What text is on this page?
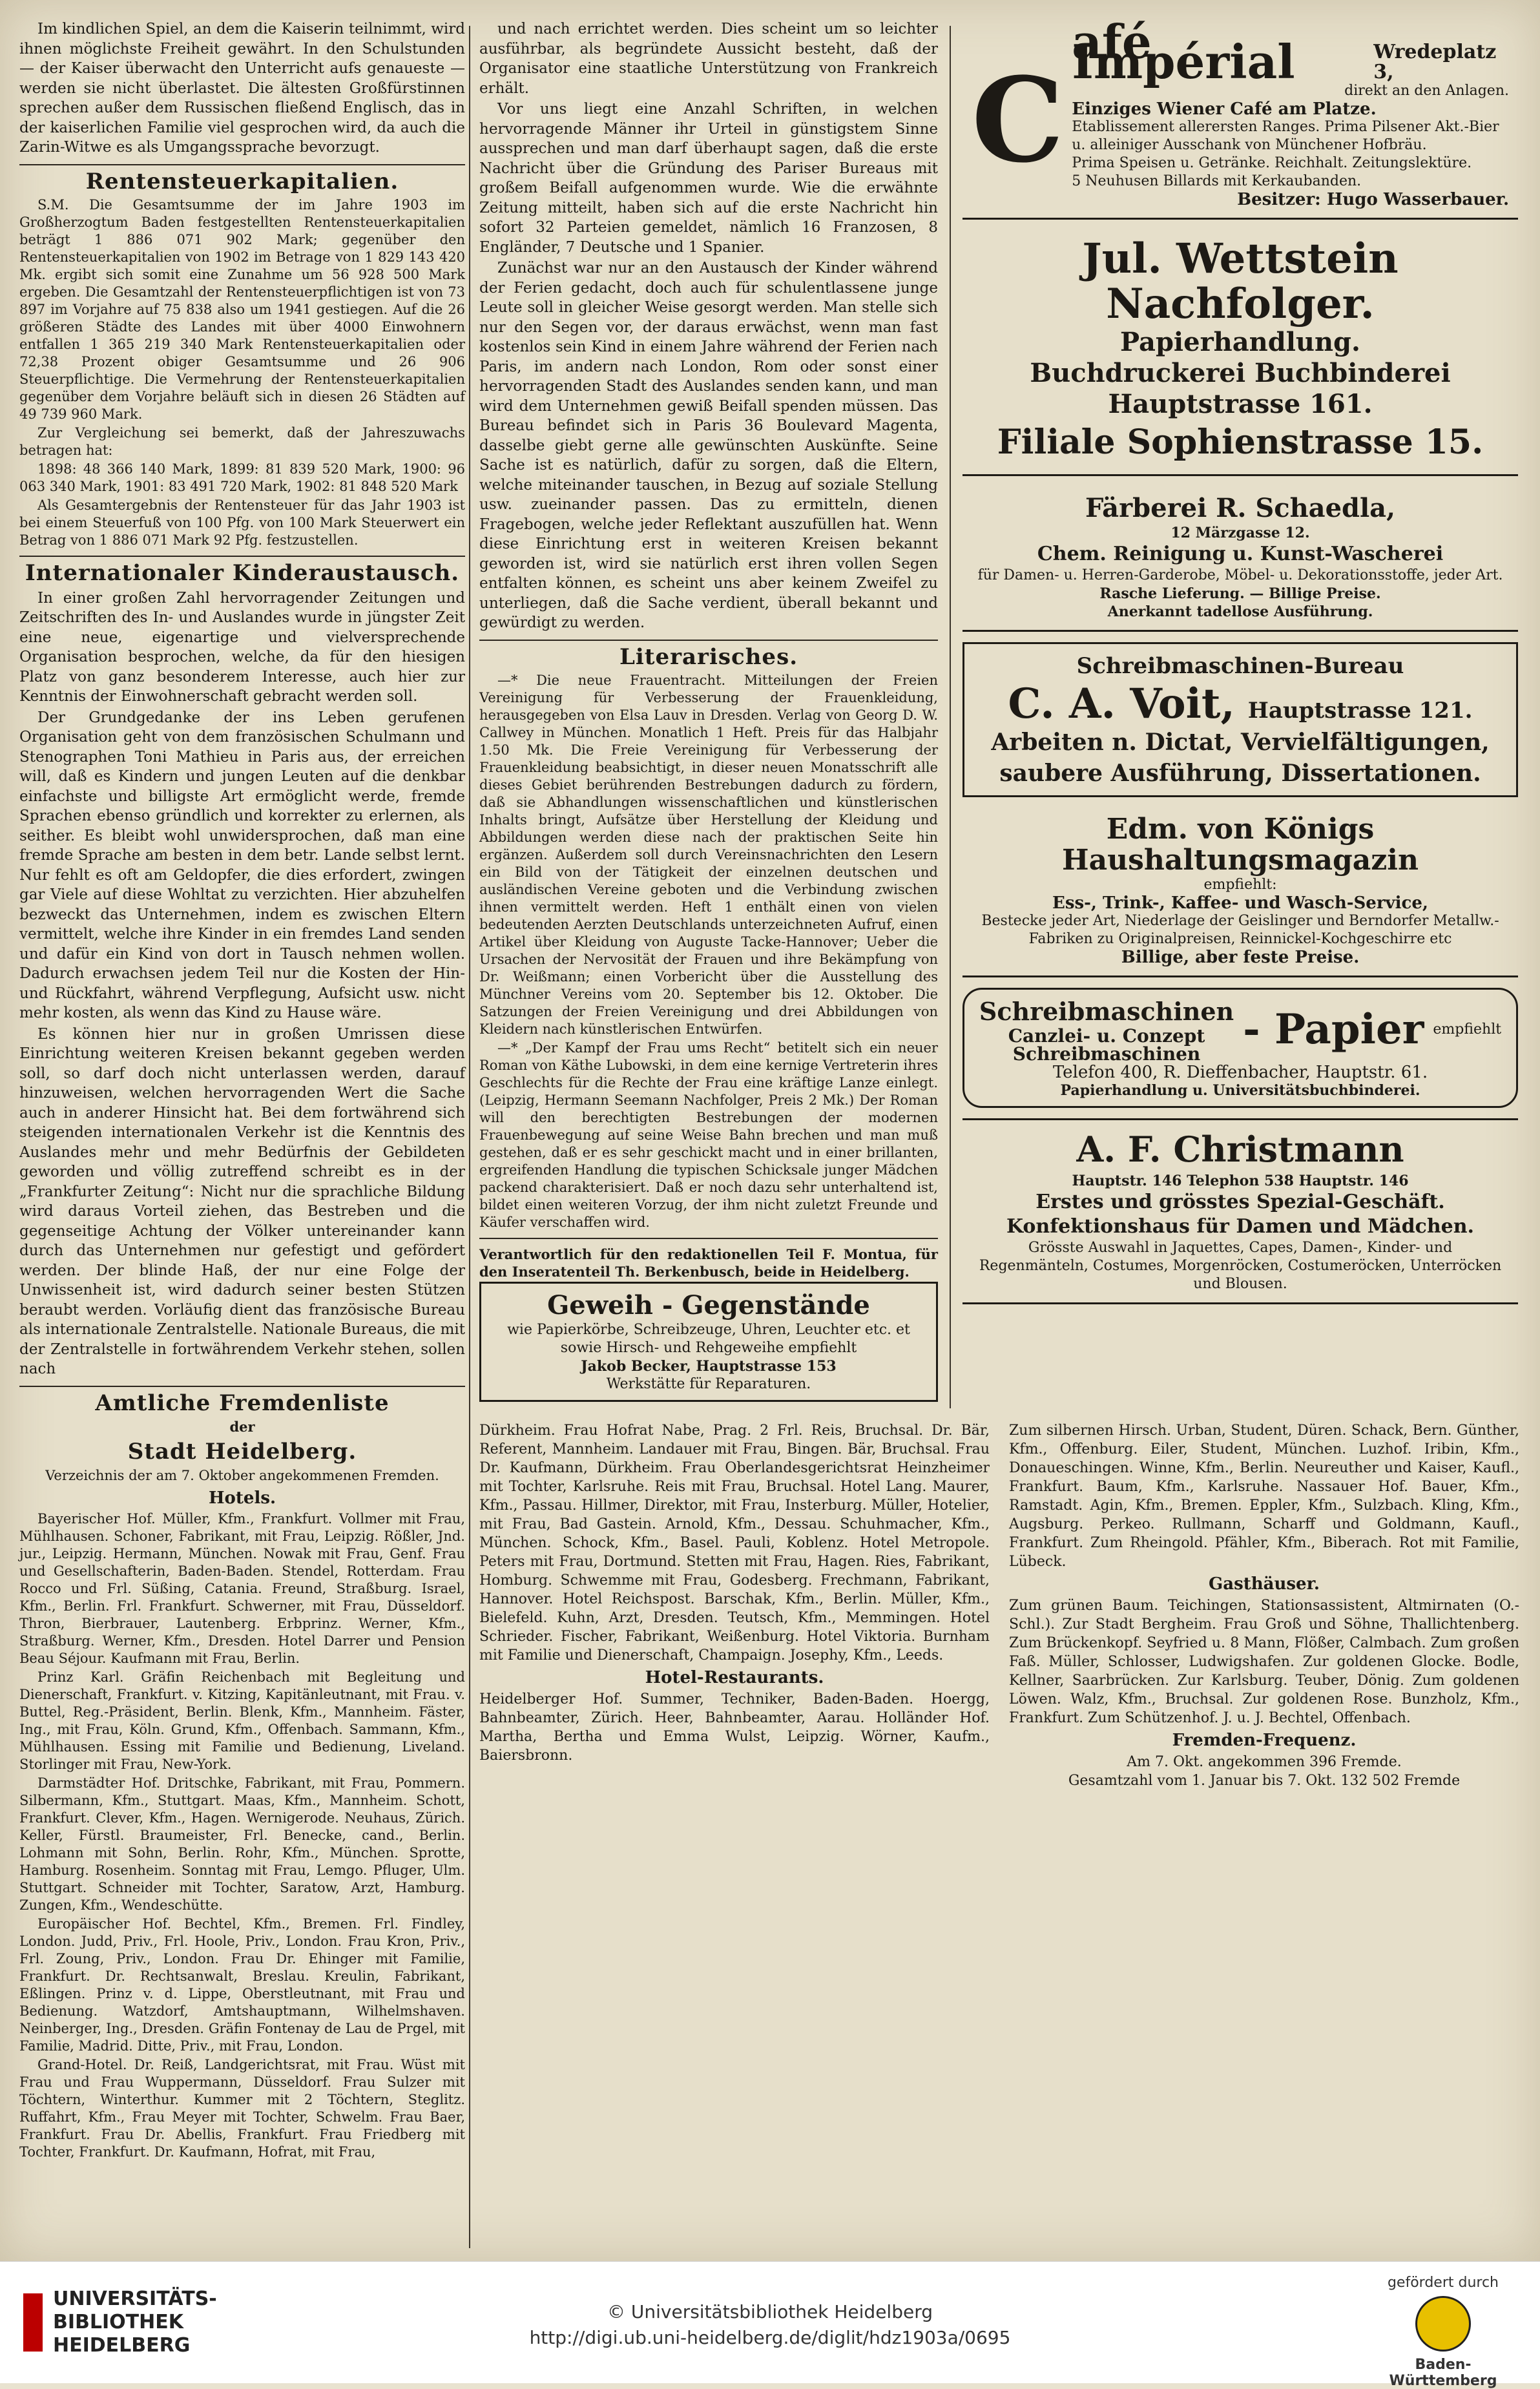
Im kindlichen Spiel, an dem die Kaiserin teilnimmt, wird ihnen möglichste Freiheit gewährt. In den Schulstunden — der Kaiser überwacht den Unterricht aufs genaueste — werden sie nicht überlastet. Die ältesten Großfürstinnen sprechen außer dem Russischen fließend Englisch, das in der kaiserlichen Familie viel gesprochen wird, da auch die Zarin-Witwe es als Umgangssprache bevorzugt.

Rentensteuerkapitalien.

S.M. Die Gesamtsumme der im Jahre 1903 im Großherzogtum Baden festgestellten Rentensteuerkapitalien beträgt 1 886 071 902 Mark; gegenüber den Rentensteuerkapitalien von 1902 im Betrage von 1 829 143 420 Mk. ergibt sich somit eine Zunahme um 56 928 500 Mark ergeben. Die Gesamtzahl der Rentensteuerpflichtigen ist von 73 897 im Vorjahre auf 75 838 also um 1941 gestiegen. Auf die 26 größeren Städte des Landes mit über 4000 Einwohnern entfallen 1 365 219 340 Mark Rentensteuerkapitalien oder 72,38 Prozent obiger Gesamtsumme und 26 906 Steuerpflichtige. Die Vermehrung der Rentensteuerkapitalien gegenüber dem Vorjahre beläuft sich in diesen 26 Städten auf 49 739 960 Mark.

Zur Vergleichung sei bemerkt, daß der Jahreszuwachs betragen hat:

1898: 48 366 140 Mark, 1899: 81 839 520 Mark, 1900: 96 063 340 Mark, 1901: 83 491 720 Mark, 1902: 81 848 520 Mark

Als Gesamtergebnis der Rentensteuer für das Jahr 1903 ist bei einem Steuerfuß von 100 Pfg. von 100 Mark Steuerwert ein Betrag von 1 886 071 Mark 92 Pfg. festzustellen.

Internationaler Kinderaustausch.

In einer großen Zahl hervorragender Zeitungen und Zeitschriften des In- und Auslandes wurde in jüngster Zeit eine neue, eigenartige und vielversprechende Organisation besprochen, welche, da für den hiesigen Platz von ganz besonderem Interesse, auch hier zur Kenntnis der Einwohnerschaft gebracht werden soll.

Der Grundgedanke der ins Leben gerufenen Organisation geht von dem französischen Schulmann und Stenographen Toni Mathieu in Paris aus, der erreichen will, daß es Kindern und jungen Leuten auf die denkbar einfachste und billigste Art ermöglicht werde, fremde Sprachen ebenso gründlich und korrekter zu erlernen, als seither. Es bleibt wohl unwidersprochen, daß man eine fremde Sprache am besten in dem betr. Lande selbst lernt. Nur fehlt es oft am Geldopfer, die dies erfordert, zwingen gar Viele auf diese Wohltat zu verzichten. Hier abzuhelfen bezweckt das Unternehmen, indem es zwischen Eltern vermittelt, welche ihre Kinder in ein fremdes Land senden und dafür ein Kind von dort in Tausch nehmen wollen. Dadurch erwachsen jedem Teil nur die Kosten der Hin- und Rückfahrt, während Verpflegung, Aufsicht usw. nicht mehr kosten, als wenn das Kind zu Hause wäre.

Es können hier nur in großen Umrissen diese Einrichtung weiteren Kreisen bekannt gegeben werden soll, so darf doch nicht unterlassen werden, darauf hinzuweisen, welchen hervorragenden Wert die Sache auch in anderer Hinsicht hat. Bei dem fortwährend sich steigenden internationalen Verkehr ist die Kenntnis des Auslandes mehr und mehr Bedürfnis der Gebildeten geworden und völlig zutreffend schreibt es in der „Frankfurter Zeitung“: Nicht nur die sprachliche Bildung wird daraus Vorteil ziehen, das Bestreben und die gegenseitige Achtung der Völker untereinander kann durch das Unternehmen nur gefestigt und gefördert werden. Der blinde Haß, der nur eine Folge der Unwissenheit ist, wird dadurch seiner besten Stützen beraubt werden. Vorläufig dient das französische Bureau als internationale Zentralstelle. Nationale Bureaus, die mit der Zentralstelle in fortwährendem Verkehr stehen, sollen nach

Amtliche Fremdenliste
der
Stadt Heidelberg.
Verzeichnis der am 7. Oktober angekommenen Fremden.
Hotels.

Bayerischer Hof. Müller, Kfm., Frankfurt. Vollmer mit Frau, Mühlhausen. Schoner, Fabrikant, mit Frau, Leipzig. Rößler, Jnd. jur., Leipzig. Hermann, München. Nowak mit Frau, Genf. Frau und Gesellschafterin, Baden-Baden. Stendel, Rotterdam. Frau Rocco und Frl. Süßing, Catania. Freund, Straßburg. Israel, Kfm., Berlin. Frl. Frankfurt. Schwerner, mit Frau, Düsseldorf. Thron, Bierbrauer, Lautenberg. Erbprinz. Werner, Kfm., Straßburg. Werner, Kfm., Dresden. Hotel Darrer und Pension Beau Séjour. Kaufmann mit Frau, Berlin.

Prinz Karl. Gräfin Reichenbach mit Begleitung und Dienerschaft, Frankfurt. v. Kitzing, Kapitänleutnant, mit Frau. v. Buttel, Reg.-Präsident, Berlin. Blenk, Kfm., Mannheim. Fäster, Ing., mit Frau, Köln. Grund, Kfm., Offenbach. Sammann, Kfm., Mühlhausen. Essing mit Familie und Bedienung, Liveland. Storlinger mit Frau, New-York.

Darmstädter Hof. Dritschke, Fabrikant, mit Frau, Pommern. Silbermann, Kfm., Stuttgart. Maas, Kfm., Mannheim. Schott, Frankfurt. Clever, Kfm., Hagen. Wernigerode. Neuhaus, Zürich. Keller, Fürstl. Braumeister, Frl. Benecke, cand., Berlin. Lohmann mit Sohn, Berlin. Rohr, Kfm., München. Sprotte, Hamburg. Rosenheim. Sonntag mit Frau, Lemgo. Pfluger, Ulm. Stuttgart. Schneider mit Tochter, Saratow, Arzt, Hamburg. Zungen, Kfm., Wendeschütte.

Europäischer Hof. Bechtel, Kfm., Bremen. Frl. Findley, London. Judd, Priv., Frl. Hoole, Priv., London. Frau Kron, Priv., Frl. Zoung, Priv., London. Frau Dr. Ehinger mit Familie, Frankfurt. Dr. Rechtsanwalt, Breslau. Kreulin, Fabrikant, Eßlingen. Prinz v. d. Lippe, Oberstleutnant, mit Frau und Bedienung. Watzdorf, Amtshauptmann, Wilhelmshaven. Neinberger, Ing., Dresden. Gräfin Fontenay de Lau de Prgel, mit Familie, Madrid. Ditte, Priv., mit Frau, London.

Grand-Hotel. Dr. Reiß, Landgerichtsrat, mit Frau. Wüst mit Frau und Frau Wuppermann, Düsseldorf. Frau Sulzer mit Töchtern, Winterthur. Kummer mit 2 Töchtern, Steglitz. Ruffahrt, Kfm., Frau Meyer mit Tochter, Schwelm. Frau Baer, Frankfurt. Frau Dr. Abellis, Frankfurt. Frau Friedberg mit Tochter, Frankfurt. Dr. Kaufmann, Hofrat, mit Frau,

und nach errichtet werden. Dies scheint um so leichter ausführbar, als begründete Aussicht besteht, daß der Organisator eine staatliche Unterstützung von Frankreich erhält.

Vor uns liegt eine Anzahl Schriften, in welchen hervorragende Männer ihr Urteil in günstigstem Sinne aussprechen und man darf überhaupt sagen, daß die erste Nachricht über die Gründung des Pariser Bureaus mit großem Beifall aufgenommen wurde. Wie die erwähnte Zeitung mitteilt, haben sich auf die erste Nachricht hin sofort 32 Parteien gemeldet, nämlich 16 Franzosen, 8 Engländer, 7 Deutsche und 1 Spanier.

Zunächst war nur an den Austausch der Kinder während der Ferien gedacht, doch auch für schulentlassene junge Leute soll in gleicher Weise gesorgt werden. Man stelle sich nur den Segen vor, der daraus erwächst, wenn man fast kostenlos sein Kind in einem Jahre während der Ferien nach Paris, im andern nach London, Rom oder sonst einer hervorragenden Stadt des Auslandes senden kann, und man wird dem Unternehmen gewiß Beifall spenden müssen. Das Bureau befindet sich in Paris 36 Boulevard Magenta, dasselbe giebt gerne alle gewünschten Auskünfte. Seine Sache ist es natürlich, dafür zu sorgen, daß die Eltern, welche miteinander tauschen, in Bezug auf soziale Stellung usw. zueinander passen. Das zu ermitteln, dienen Fragebogen, welche jeder Reflektant auszufüllen hat. Wenn diese Einrichtung erst in weiteren Kreisen bekannt geworden ist, wird sie natürlich erst ihren vollen Segen entfalten können, es scheint uns aber keinem Zweifel zu unterliegen, daß die Sache verdient, überall bekannt und gewürdigt zu werden.

Literarisches.

—* Die neue Frauentracht. Mitteilungen der Freien Vereinigung für Verbesserung der Frauenkleidung, herausgegeben von Elsa Lauv in Dresden. Verlag von Georg D. W. Callwey in München. Monatlich 1 Heft. Preis für das Halbjahr 1.50 Mk. Die Freie Vereinigung für Verbesserung der Frauenkleidung beabsichtigt, in dieser neuen Monatsschrift alle dieses Gebiet berührenden Bestrebungen dadurch zu fördern, daß sie Abhandlungen wissenschaftlichen und künstlerischen Inhalts bringt, Aufsätze über Herstellung der Kleidung und Abbildungen werden diese nach der praktischen Seite hin ergänzen. Außerdem soll durch Vereinsnachrichten den Lesern ein Bild von der Tätigkeit der einzelnen deutschen und ausländischen Vereine geboten und die Verbindung zwischen ihnen vermittelt werden. Heft 1 enthält einen von vielen bedeutenden Aerzten Deutschlands unterzeichneten Aufruf, einen Artikel über Kleidung von Auguste Tacke-Hannover; Ueber die Ursachen der Nervosität der Frauen und ihre Bekämpfung von Dr. Weißmann; einen Vorbericht über die Ausstellung des Münchner Vereins vom 20. September bis 12. Oktober. Die Satzungen der Freien Vereinigung und drei Abbildungen von Kleidern nach künstlerischen Entwürfen.

—* „Der Kampf der Frau ums Recht“ betitelt sich ein neuer Roman von Käthe Lubowski, in dem eine kernige Vertreterin ihres Geschlechts für die Rechte der Frau eine kräftige Lanze einlegt. (Leipzig, Hermann Seemann Nachfolger, Preis 2 Mk.) Der Roman will den berechtigten Bestrebungen der modernen Frauenbewegung auf seine Weise Bahn brechen und man muß gestehen, daß er es sehr geschickt macht und in einer brillanten, ergreifenden Handlung die typischen Schicksale junger Mädchen packend charakterisiert. Daß er noch dazu sehr unterhaltend ist, bildet einen weiteren Vorzug, der ihm nicht zuletzt Freunde und Käufer verschaffen wird.

Verantwortlich für den redaktionellen Teil F. Montua, für den Inseratenteil Th. Berkenbusch, beide in Heidelberg.

Geweih - Gegenstände
wie Papierkörbe, Schreibzeuge, Uhren, Leuchter etc. et
sowie Hirsch- und Rehgeweihe empfiehlt
Jakob Becker, Hauptstrasse 153
Werkstätte für Reparaturen.
C
afé Impérial	Wredeplatz 3,
direkt an den Anlagen.
Einziges Wiener Café am Platze.
Etablissement allerersten Ranges. Prima Pilsener Akt.-Bier u. alleiniger Ausschank von Münchener Hofbräu.
Prima Speisen u. Getränke. Reichhalt. Zeitungslektüre.
5 Neuhusen Billards mit Kerkaubanden.
Besitzer: Hugo Wasserbauer.
Jul. Wettstein Nachfolger.
Papierhandlung.
Buchdruckerei Buchbinderei
Hauptstrasse 161.
Filiale Sophienstrasse 15.
Färberei R. Schaedla,
12 Märzgasse 12.
Chem. Reinigung u. Kunst-Wascherei
für Damen- u. Herren-Garderobe, Möbel- u. Dekorationsstoffe, jeder Art.
Rasche Lieferung. — Billige Preise.
Anerkannt tadellose Ausführung.
Schreibmaschinen-Bureau
C. A. Voit, Hauptstrasse 121.
Arbeiten n. Dictat, Vervielfältigungen,
saubere Ausführung, Dissertationen.
Edm. von Königs Haushaltungsmagazin
empfiehlt:
Ess-, Trink-, Kaffee- und Wasch-Service,
Bestecke jeder Art, Niederlage der Geislinger und Berndorfer Metallw.-Fabriken zu Originalpreisen, Reinnickel-Kochgeschirre etc
Billige, aber feste Preise.
Schreibmaschinen
Canzlei- u. Conzept
Schreibmaschinen
- Papier empfiehlt
Telefon 400, R. Dieffenbacher, Hauptstr. 61.
Papierhandlung u. Universitätsbuchbinderei.
A. F. Christmann
Hauptstr. 146 Telephon 538 Hauptstr. 146
Erstes und grösstes Spezial-Geschäft.
Konfektionshaus für Damen und Mädchen.
Grösste Auswahl in Jaquettes, Capes, Damen-, Kinder- und Regenmänteln, Costumes, Morgenröcken, Costumeröcken, Unterröcken und Blousen.

Dürkheim. Frau Hofrat Nabe, Prag. 2 Frl. Reis, Bruchsal. Dr. Bär, Referent, Mannheim. Landauer mit Frau, Bingen. Bär, Bruchsal. Frau Dr. Kaufmann, Dürkheim. Frau Oberlandesgerichtsrat Heinzheimer mit Tochter, Karlsruhe. Reis mit Frau, Bruchsal. Hotel Lang. Maurer, Kfm., Passau. Hillmer, Direktor, mit Frau, Insterburg. Müller, Hotelier, mit Frau, Bad Gastein. Arnold, Kfm., Dessau. Schuhmacher, Kfm., München. Schock, Kfm., Basel. Pauli, Koblenz. Hotel Metropole. Peters mit Frau, Dortmund. Stetten mit Frau, Hagen. Ries, Fabrikant, Homburg. Schwemme mit Frau, Godesberg. Frechmann, Fabrikant, Hannover. Hotel Reichspost. Barschak, Kfm., Berlin. Müller, Kfm., Bielefeld. Kuhn, Arzt, Dresden. Teutsch, Kfm., Memmingen. Hotel Schrieder. Fischer, Fabrikant, Weißenburg. Hotel Viktoria. Burnham mit Familie und Dienerschaft, Champaign. Josephy, Kfm., Leeds.

Hotel-Restaurants.

Heidelberger Hof. Summer, Techniker, Baden-Baden. Hoergg, Bahnbeamter, Zürich. Heer, Bahnbeamter, Aarau. Holländer Hof. Martha, Bertha und Emma Wulst, Leipzig. Wörner, Kaufm., Baiersbronn.

Zum silbernen Hirsch. Urban, Student, Düren. Schack, Bern. Günther, Kfm., Offenburg. Eiler, Student, München. Luzhof. Iribin, Kfm., Donaueschingen. Winne, Kfm., Berlin. Neureuther und Kaiser, Kaufl., Frankfurt. Baum, Kfm., Karlsruhe. Nassauer Hof. Bauer, Kfm., Ramstadt. Agin, Kfm., Bremen. Eppler, Kfm., Sulzbach. Kling, Kfm., Augsburg. Perkeo. Rullmann, Scharff und Goldmann, Kaufl., Frankfurt. Zum Rheingold. Pfähler, Kfm., Biberach. Rot mit Familie, Lübeck.

Gasthäuser.

Zum grünen Baum. Teichingen, Stationsassistent, Altmirnaten (O.-Schl.). Zur Stadt Bergheim. Frau Groß und Söhne, Thallichtenberg. Zum Brückenkopf. Seyfried u. 8 Mann, Flößer, Calmbach. Zum großen Faß. Müller, Schlosser, Ludwigshafen. Zur goldenen Glocke. Bodle, Kellner, Saarbrücken. Zur Karlsburg. Teuber, Dönig. Zum goldenen Löwen. Walz, Kfm., Bruchsal. Zur goldenen Rose. Bunzholz, Kfm., Frankfurt. Zum Schützenhof. J. u. J. Bechtel, Offenbach.

Fremden-Frequenz.
Am 7. Okt. angekommen 396 Fremde.
Gesamtzahl vom 1. Januar bis 7. Okt. 132 502 Fremde
UNIVERSITÄTS-
BIBLIOTHEK
HEIDELBERG
© Universitätsbibliothek Heidelberg
http://digi.ub.uni-heidelberg.de/diglit/hdz1903a/0695
gefördert durch
Baden-Württemberg
